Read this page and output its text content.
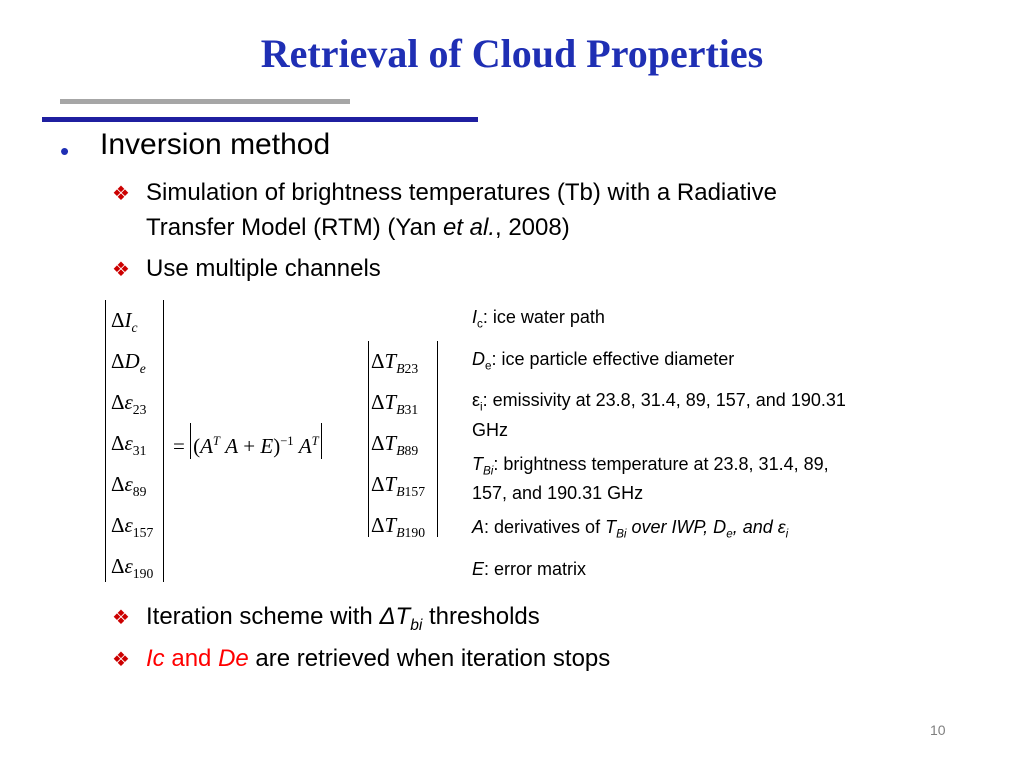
Retrieval of Cloud Properties
• Inversion method
❖ Simulation of brightness temperatures (Tb) with a Radiative
Transfer Model (RTM) (Yan et al., 2008)
❖ Use multiple channels
$\Delta I_c$
$\Delta D_e$
$\Delta\varepsilon_{23}$
$\Delta\varepsilon_{31}$
$\Delta\varepsilon_{89}$
$\Delta\varepsilon_{157}$
$\Delta\varepsilon_{190}$
= ($A^T$ A + E)$^{-1}$ $A^T$
$\Delta T_{B23}$
$\Delta T_{B31}$
$\Delta T_{B89}$
$\Delta T_{B157}$
$\Delta T_{B190}$

$I_c$: ice water path

$D_e$: ice particle effective diameter

$\varepsilon_i$: emissivity at 23.8, 31.4, 89, 157, and 190.31
GHz

$T_{Bi}$: brightness temperature at 23.8, 31.4, 89,
157, and 190.31 GHz

A: derivatives of $T_{Bi}$ over IWP, $D_e$, and $\varepsilon_i$

E: error matrix

❖ Iteration scheme with $\Delta T_{bi}$ thresholds
❖ Ic and De are retrieved when iteration stops
10
